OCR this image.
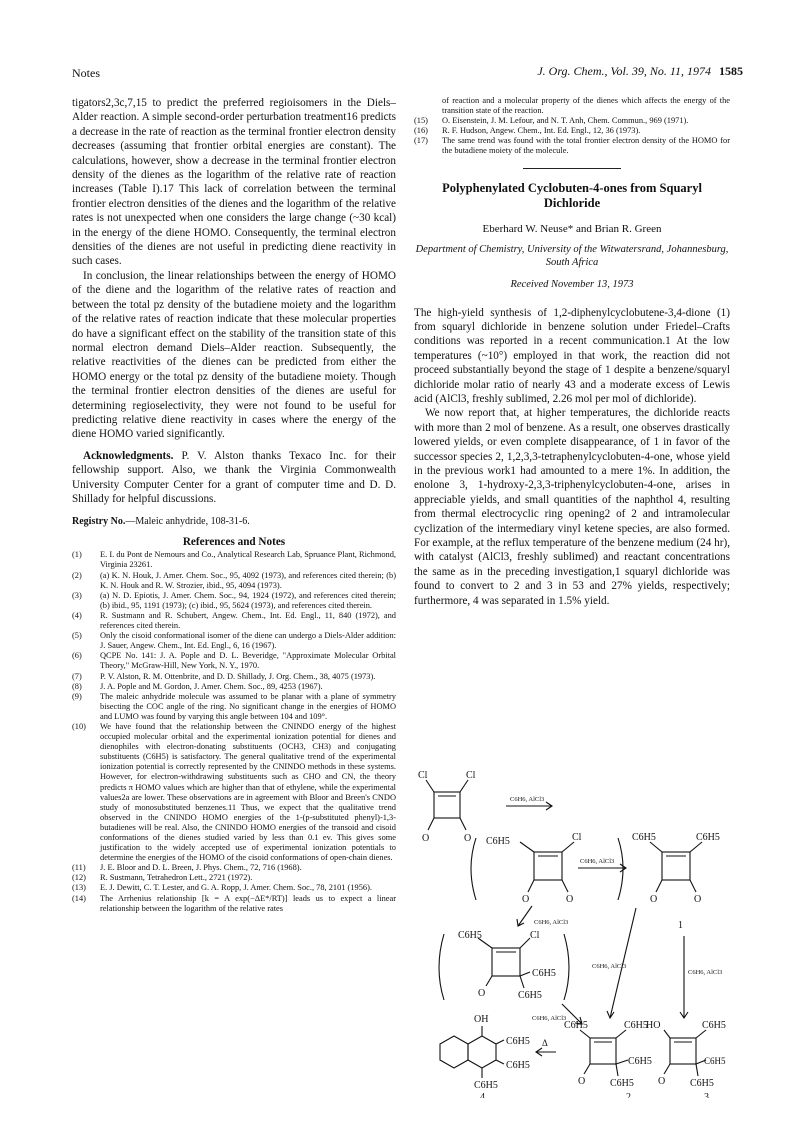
Notes	J. Org. Chem., Vol. 39, No. 11, 1974 1585

tigators2,3c,7,15 to predict the preferred regioisomers in the Diels–Alder reaction. A simple second-order perturbation treatment16 predicts a decrease in the rate of reaction as the terminal frontier electron density decreases (assuming that frontier orbital energies are constant). The calculations, however, show a decrease in the terminal frontier electron density of the dienes as the logarithm of the relative rate of reaction increases (Table I).17 This lack of correlation between the terminal frontier electron densities of the dienes and the logarithm of the relative rates is not unexpected when one considers the large change (~30 kcal) in the energy of the diene HOMO. Consequently, the terminal electron densities of the dienes are not useful in predicting diene reactivity in such cases.

In conclusion, the linear relationships between the energy of HOMO of the diene and the logarithm of the relative rates of reaction and between the total pz density of the butadiene moiety and the logarithm of the relative rates of reaction indicate that these molecular properties do have a significant effect on the stability of the transition state of this normal electron demand Diels–Alder reaction. Subsequently, the relative reactivities of the dienes can be predicted from either the HOMO energy or the total pz density of the butadiene moiety. Though the terminal frontier electron densities of the dienes are useful for determining regioselectivity, they were not found to be useful for predicting relative diene reactivity in cases where the energy of the diene HOMO varied significantly.

Acknowledgments. P. V. Alston thanks Texaco Inc. for their fellowship support. Also, we thank the Virginia Commonwealth University Computer Center for a grant of computer time and D. D. Shillady for helpful discussions.

Registry No.—Maleic anhydride, 108-31-6.
References and Notes
(1)	E. I. du Pont de Nemours and Co., Analytical Research Lab, Spruance Plant, Richmond, Virginia 23261.
(2)	(a) K. N. Houk, J. Amer. Chem. Soc., 95, 4092 (1973), and references cited therein; (b) K. N. Houk and R. W. Strozier, ibid., 95, 4094 (1973).
(3)	(a) N. D. Epiotis, J. Amer. Chem. Soc., 94, 1924 (1972), and references cited therein; (b) ibid., 95, 1191 (1973); (c) ibid., 95, 5624 (1973), and references cited therein.
(4)	R. Sustmann and R. Schubert, Angew. Chem., Int. Ed. Engl., 11, 840 (1972), and references cited therein.
(5)	Only the cisoid conformational isomer of the diene can undergo a Diels-Alder addition: J. Sauer, Angew. Chem., Int. Ed. Engl., 6, 16 (1967).
(6)	QCPE No. 141: J. A. Pople and D. L. Beveridge, "Approximate Molecular Orbital Theory," McGraw-Hill, New York, N. Y., 1970.
(7)	P. V. Alston, R. M. Ottenbrite, and D. D. Shillady, J. Org. Chem., 38, 4075 (1973).
(8)	J. A. Pople and M. Gordon, J. Amer. Chem. Soc., 89, 4253 (1967).
(9)	The maleic anhydride molecule was assumed to be planar with a plane of symmetry bisecting the COC angle of the ring. No significant change in the energies of HOMO and LUMO was found by varying this angle between 104 and 109°.
(10)	We have found that the relationship between the CNINDO energy of the highest occupied molecular orbital and the experimental ionization potential for dienes and dienophiles with electron-donating substituents (OCH3, CH3) and conjugating substituents (C6H5) is satisfactory. The general qualitative trend of the experimental ionization potential is correctly represented by the CNINDO methods in these systems. However, for electron-withdrawing substituents such as CHO and CN, the theory predicts π HOMO values which are higher than that of ethylene, while the experimental values2a are lower. These observations are in agreement with Bloor and Breen's CNDO study of monosubstituted benzenes.11 Thus, we expect that the qualitative trend observed in the CNINDO HOMO energies of the 1-(p-substituted phenyl)-1,3-butadienes will be real. Also, the CNINDO HOMO energies of the transoid and cisoid conformations of the dienes studied varied by less than 0.1 ev. This gives some justification to the widely accepted use of experimental ionization potentials to determine the energies of the HOMO of the cisoid conformations of open-chain dienes.
(11)	J. E. Bloor and D. L. Breen, J. Phys. Chem., 72, 716 (1968).
(12)	R. Sustmann, Tetrahedron Lett., 2721 (1972).
(13)	E. J. Dewitt, C. T. Lester, and G. A. Ropp, J. Amer. Chem. Soc., 78, 2101 (1956).
(14)	The Arrhenius relationship [k = A exp(−ΔE*/RT)] leads us to expect a linear relationship between the logarithm of the relative rates
of reaction and a molecular property of the dienes which affects the energy of the transition state of the reaction.
(15)	O. Eisenstein, J. M. Lefour, and N. T. Anh, Chem. Commun., 969 (1971).
(16)	R. F. Hudson, Angew. Chem., Int. Ed. Engl., 12, 36 (1973).
(17)	The same trend was found with the total frontier electron density of the HOMO for the butadiene moiety of the molecule.
Polyphenylated Cyclobuten-4-ones from Squaryl Dichloride
Eberhard W. Neuse* and Brian R. Green
Department of Chemistry, University of the Witwatersrand, Johannesburg, South Africa
Received November 13, 1973

The high-yield synthesis of 1,2-diphenylcyclobutene-3,4-dione (1) from squaryl dichloride in benzene solution under Friedel–Crafts conditions was reported in a recent communication.1 At the low temperatures (~10°) employed in that work, the reaction did not proceed substantially beyond the stage of 1 despite a benzene/squaryl dichloride molar ratio of nearly 43 and a moderate excess of Lewis acid (AlCl3, freshly sublimed, 2.26 mol per mol of dichloride).

We now report that, at higher temperatures, the dichloride reacts with more than 2 mol of benzene. As a result, one observes drastically lowered yields, or even complete disappearance, of 1 in favor of the successor species 2, 1,2,3,3-tetraphenylcyclobuten-4-one, whose yield in the previous work1 had amounted to a mere 1%. In addition, the enolone 3, 1-hydroxy-2,3,3-triphenylcyclobuten-4-one, arises in appreciable yields, and small quantities of the naphthol 4, resulting from thermal electrocyclic ring opening2 of 2 and intramolecular cyclization of the intermediary vinyl ketene species, are also formed. For example, at the reflux temperature of the benzene medium (24 hr), with catalyst (AlCl3, freshly sublimed) and reactant concentrations the same as in the preceding investigation,1 squaryl dichloride was found to convert to 2 and 3 in 53 and 27% yields, respectively; furthermore, 4 was separated in 1.5% yield.

Cl	Cl
O	O
C6H6, AlCl3
C6H5	Cl
O	O
C6H6, AlCl3
C6H5	C6H5
O	O
1
C6H6, AlCl3
C6H6, AlCl3
C6H6, AlCl3
C6H5	Cl
O
C6H5
C6H5
C6H6, AlCl3
OH
C6H5
C6H5
C6H5
4
Δ
C6H5	C6H5
C6H5
O C6H5
2
HO	C6H5
C6H5
O C6H5
3
